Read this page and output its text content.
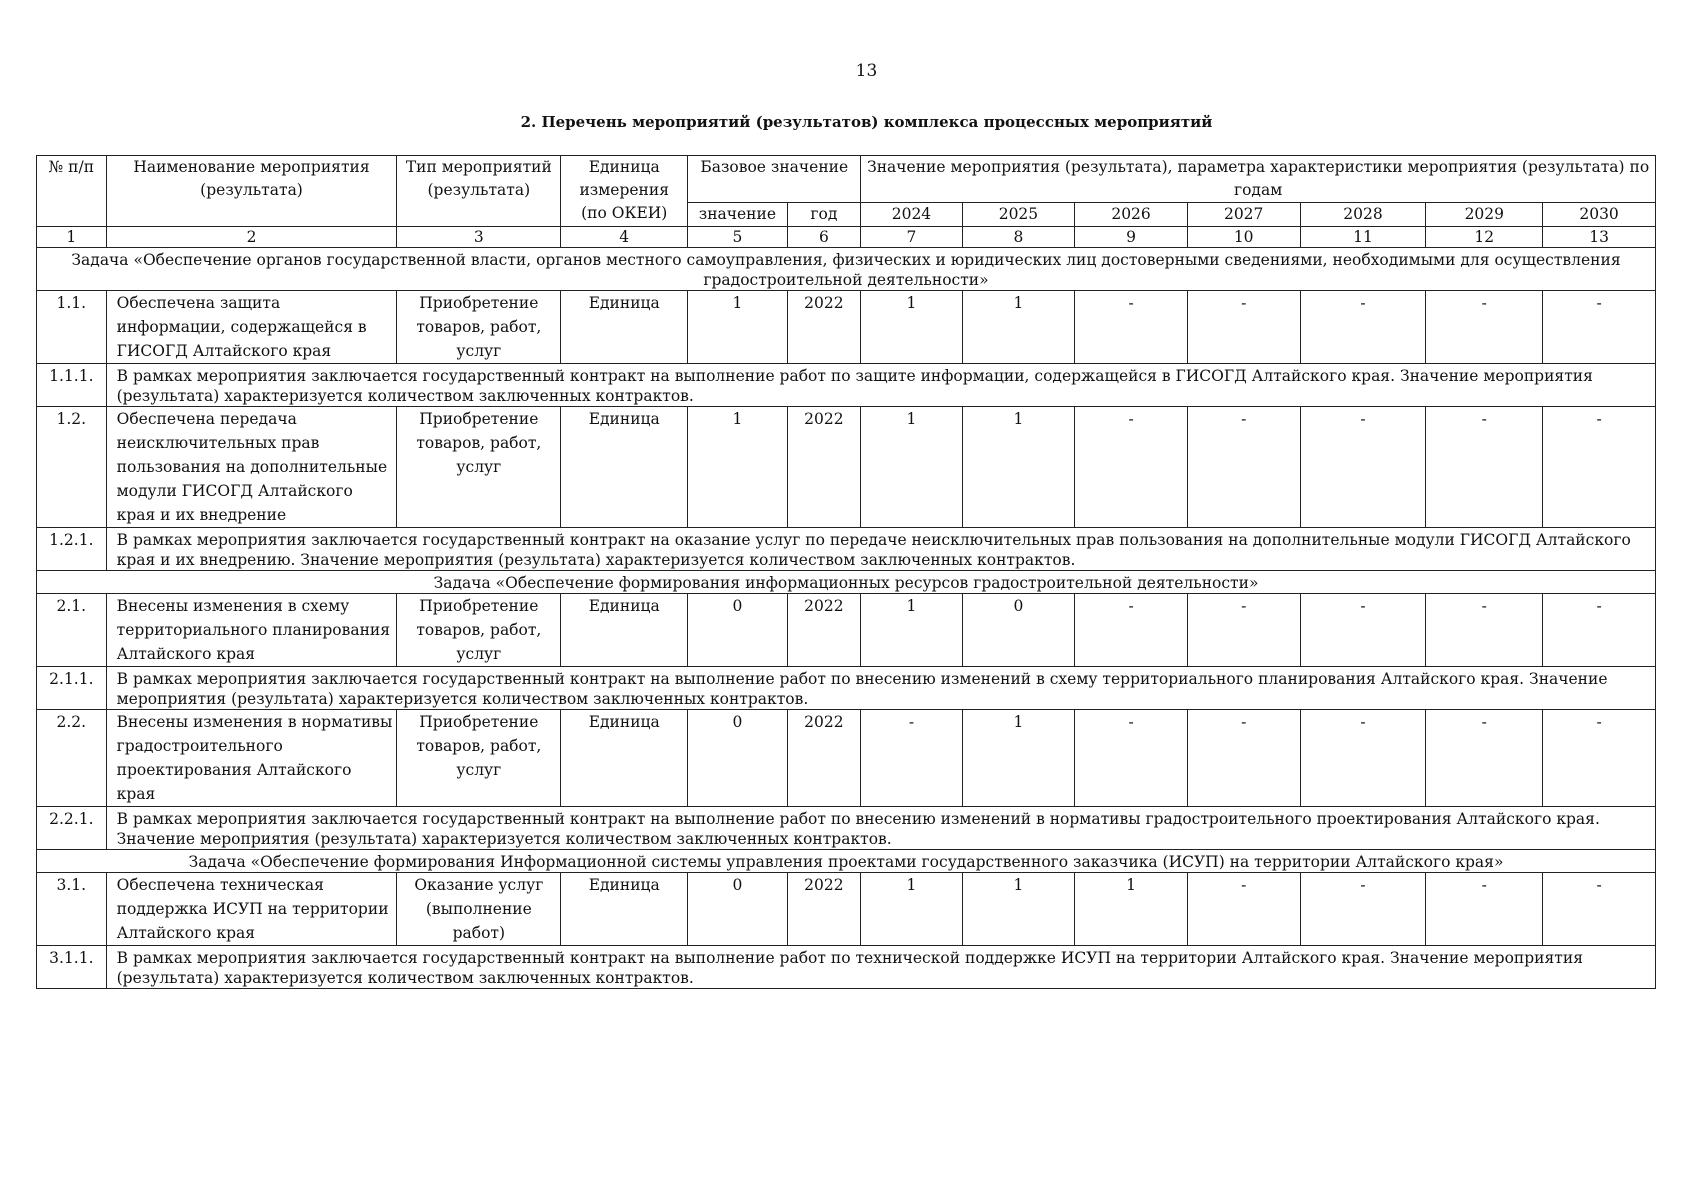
13
2. Перечень мероприятий (результатов) комплекса процессных мероприятий
№ п/п	Наименование мероприятия (результата)	Тип мероприятий (результата)	Единица измерения (по ОКЕИ)	Базовое значение		Значение мероприятия (результата), параметра характеристики мероприятия (результата) по годам						
				значение	год	2024	2025	2026	2027	2028	2029	2030
1	2	3	4	5	6	7	8	9	10	11	12	13
Задача «Обеспечение органов государственной власти, органов местного самоуправления, физических и юридических лиц достоверными сведениями, необходимыми для осуществления градостроительной деятельности»												
1.1.	Обеспечена защита информации, содержащейся в ГИСОГД Алтайского края	Приобретение товаров, работ, услуг	Единица	1	2022	1	1	-	-	-	-	-
1.1.1.	В рамках мероприятия заключается государственный контракт на выполнение работ по защите информации, содержащейся в ГИСОГД Алтайского края. Значение мероприятия (результата) характеризуется количеством заключенных контрактов.											
1.2.	Обеспечена передача неисключительных прав пользования на дополнительные модули ГИСОГД Алтайского края и их внедрение	Приобретение товаров, работ, услуг	Единица	1	2022	1	1	-	-	-	-	-
1.2.1.	В рамках мероприятия заключается государственный контракт на оказание услуг по передаче неисключительных прав пользования на дополнительные модули ГИСОГД Алтайского края и их внедрению. Значение мероприятия (результата) характеризуется количеством заключенных контрактов.											
Задача «Обеспечение формирования информационных ресурсов градостроительной деятельности»												
2.1.	Внесены изменения в схему территориального планирования Алтайского края	Приобретение товаров, работ, услуг	Единица	0	2022	1	0	-	-	-	-	-
2.1.1.	В рамках мероприятия заключается государственный контракт на выполнение работ по внесению изменений в схему территориального планирования Алтайского края. Значение мероприятия (результата) характеризуется количеством заключенных контрактов.											
2.2.	Внесены изменения в нормативы градостроительного проектирования Алтайского края	Приобретение товаров, работ, услуг	Единица	0	2022	-	1	-	-	-	-	-
2.2.1.	В рамках мероприятия заключается государственный контракт на выполнение работ по внесению изменений в нормативы градостроительного проектирования Алтайского края. Значение мероприятия (результата) характеризуется количеством заключенных контрактов.											
Задача «Обеспечение формирования Информационной системы управления проектами государственного заказчика (ИСУП) на территории Алтайского края»												
3.1.	Обеспечена техническая поддержка ИСУП на территории Алтайского края	Оказание услуг (выполнение работ)	Единица	0	2022	1	1	1	-	-	-	-
3.1.1.	В рамках мероприятия заключается государственный контракт на выполнение работ по технической поддержке ИСУП на территории Алтайского края. Значение мероприятия (результата) характеризуется количеством заключенных контрактов.											
